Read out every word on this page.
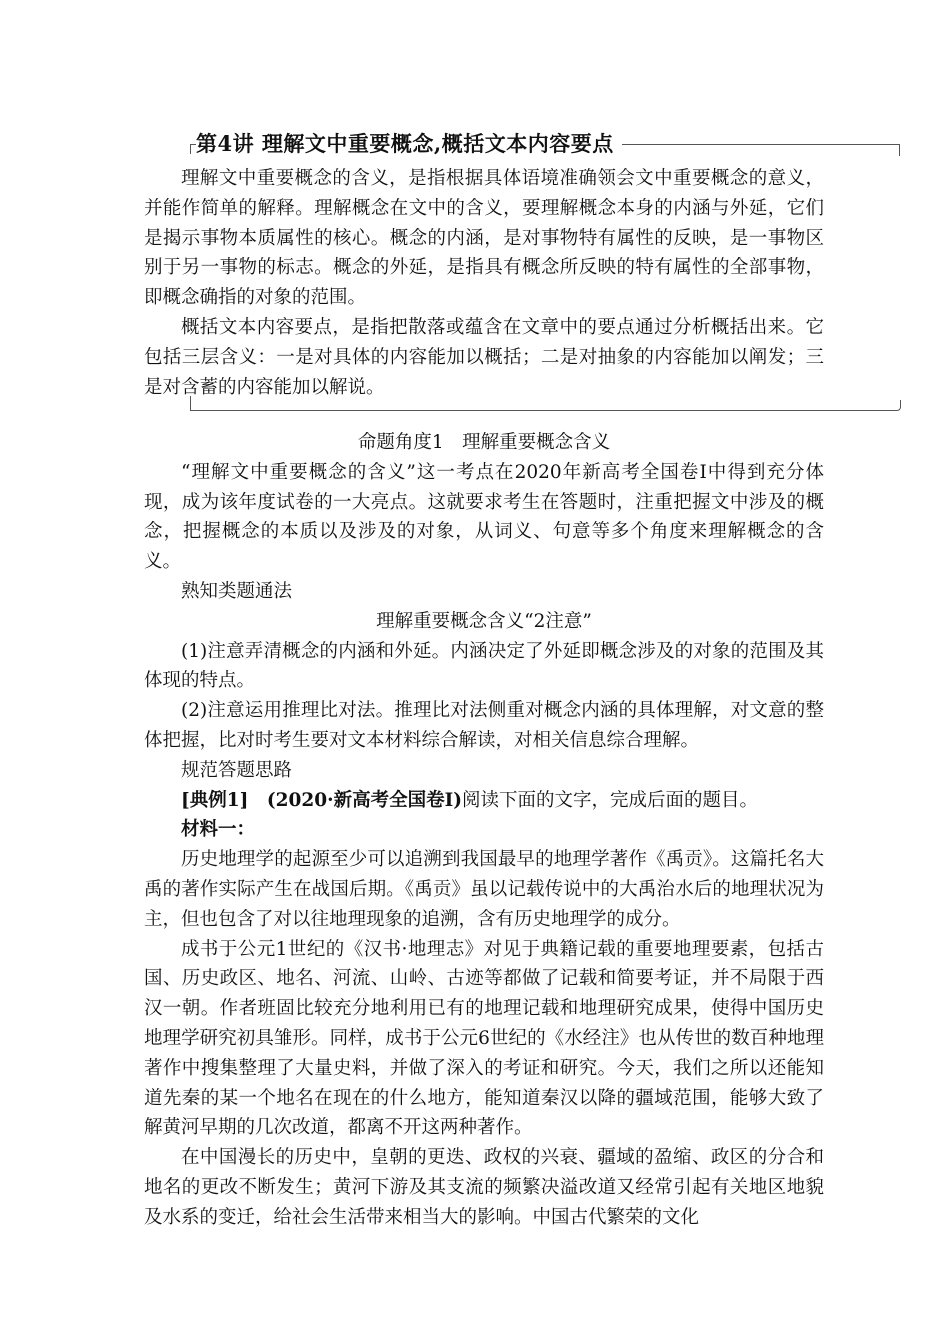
第4讲 理解文中重要概念,概括文本内容要点

理解文中重要概念的含义，是指根据具体语境准确领会文中重要概念的意义，并能作简单的解释。理解概念在文中的含义，要理解概念本身的内涵与外延，它们是揭示事物本质属性的核心。概念的内涵，是对事物特有属性的反映，是一事物区别于另一事物的标志。概念的外延，是指具有概念所反映的特有属性的全部事物，即概念确指的对象的范围。

概括文本内容要点，是指把散落或蕴含在文章中的要点通过分析概括出来。它包括三层含义：一是对具体的内容能加以概括；二是对抽象的内容能加以阐发；三是对含蓄的内容能加以解说。

命题角度1　理解重要概念含义

“理解文中重要概念的含义”这一考点在2020年新高考全国卷Ⅰ中得到充分体现，成为该年度试卷的一大亮点。这就要求考生在答题时，注重把握文中涉及的概念，把握概念的本质以及涉及的对象，从词义、句意等多个角度来理解概念的含义。

熟知类题通法

理解重要概念含义“2注意”

(1)注意弄清概念的内涵和外延。内涵决定了外延即概念涉及的对象的范围及其体现的特点。

(2)注意运用推理比对法。推理比对法侧重对概念内涵的具体理解，对文意的整体把握，比对时考生要对文本材料综合解读，对相关信息综合理解。

规范答题思路

[典例1]　 (2020·新高考全国卷Ⅰ)阅读下面的文字，完成后面的题目。

材料一：

历史地理学的起源至少可以追溯到我国最早的地理学著作《禹贡》。这篇托名大禹的著作实际产生在战国后期。《禹贡》虽以记载传说中的大禹治水后的地理状况为主，但也包含了对以往地理现象的追溯，含有历史地理学的成分。

成书于公元1世纪的《汉书·地理志》对见于典籍记载的重要地理要素，包括古国、历史政区、地名、河流、山岭、古迹等都做了记载和简要考证，并不局限于西汉一朝。作者班固比较充分地利用已有的地理记载和地理研究成果，使得中国历史地理学研究初具雏形。同样，成书于公元6世纪的《水经注》也从传世的数百种地理著作中搜集整理了大量史料，并做了深入的考证和研究。今天，我们之所以还能知道先秦的某一个地名在现在的什么地方，能知道秦汉以降的疆域范围，能够大致了解黄河早期的几次改道，都离不开这两种著作。

在中国漫长的历史中，皇朝的更迭、政权的兴衰、疆域的盈缩、政区的分合和地名的更改不断发生；黄河下游及其支流的频繁决溢改道又经常引起有关地区地貌及水系的变迁，给社会生活带来相当大的影响。中国古代繁荣的文化
